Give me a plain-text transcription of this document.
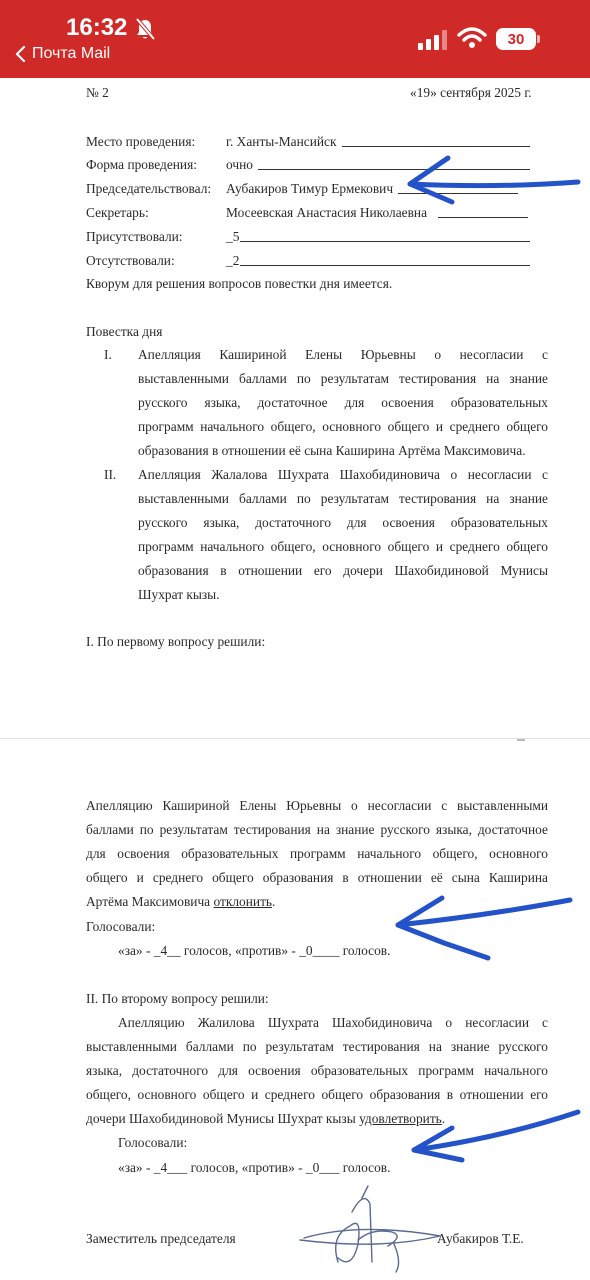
16:32	30
Почта Mail
№ 2	«19» сентября 2025 г.
Место проведения: г. Ханты-Мансийск
Форма проведения: очно
Председательствовал: Аубакиров Тимур Ермекович
Секретарь:	Мосеевская Анастасия Николаевна
Присутствовали:	_5
Отсутствовали:	_2
Кворум для решения вопросов повестки дня имеется.
Повестка дня
I. Апелляция Кашириной Елены Юрьевны о несогласии с
выставленными баллами по результатам тестирования на знание
русского языка, достаточное для освоения образовательных
программ начального общего, основного общего и среднего общего
образования в отношении её сына Каширина Артёма Максимовича.
II. Апелляция Жалалова Шухрата Шахобидиновича о несогласии с
выставленными баллами по результатам тестирования на знание
русского языка, достаточного для освоения образовательных
программ начального общего, основного общего и среднего общего
образования в отношении его дочери Шахобидиновой Мунисы
Шухрат кызы.
I. По первому вопросу решили:
Апелляцию Кашириной Елены Юрьевны о несогласии с выставленными
баллами по результатам тестирования на знание русского языка, достаточное
для освоения образовательных программ начального общего, основного
общего и среднего общего образования в отношении её сына Каширина
Артёма Максимовича отклонить.
Голосовали:
«за» - _4__ голосов, «против» - _0____ голосов.
II. По второму вопросу решили:
Апелляцию Жалилова Шухрата Шахобидиновича о несогласии с
выставленными баллами по результатам тестирования на знание русского
языка, достаточного для освоения образовательных программ начального
общего, основного общего и среднего общего образования в отношении его
дочери Шахобидиновой Мунисы Шухрат кызы удовлетворить.
Голосовали:
«за» - _4___ голосов, «против» - _0___ голосов.
Заместитель председателя	Аубакиров Т.Е.
